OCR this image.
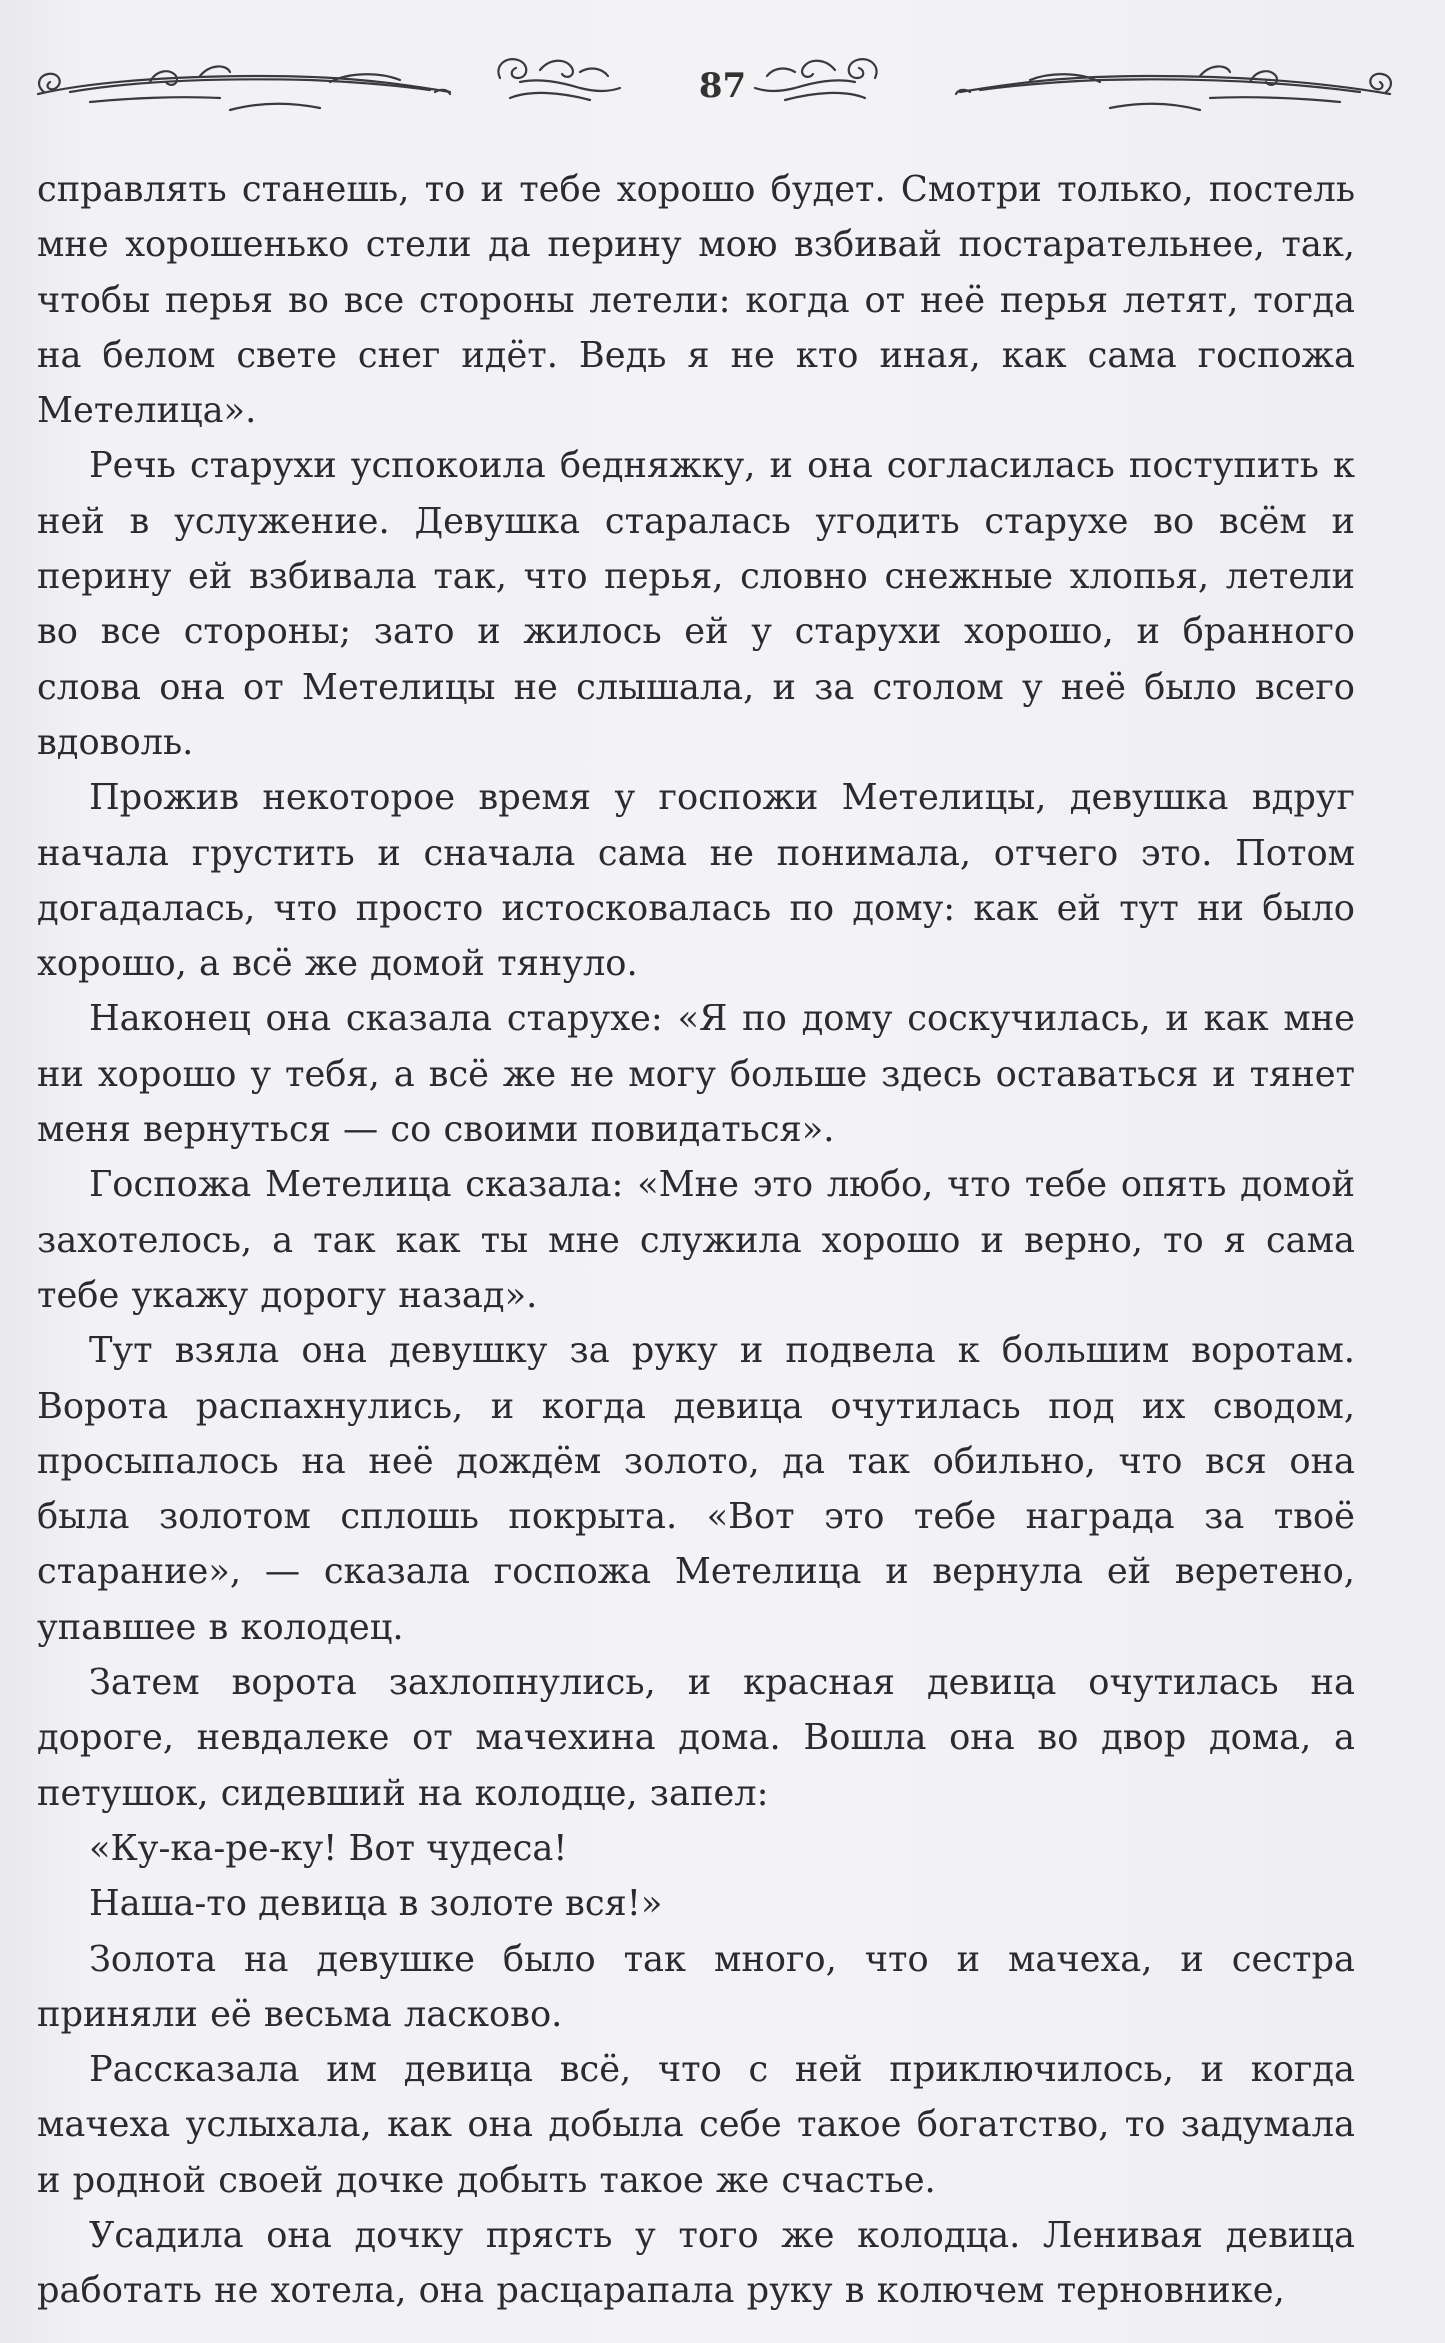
87

справлять станешь, то и тебе хорошо будет. Смотри только, постель мне хорошенько стели да перину мою взбивай постарательнее, так, чтобы перья во все стороны летели: когда от неё перья летят, тогда на белом свете снег идёт. Ведь я не кто иная, как сама госпожа Метелица».

Речь старухи успокоила бедняжку, и она согласилась поступить к ней в услужение. Девушка старалась угодить старухе во всём и перину ей взбивала так, что перья, словно снежные хлопья, летели во все стороны; зато и жилось ей у старухи хорошо, и бранного слова она от Метелицы не слышала, и за столом у неё было всего вдоволь.

Прожив некоторое время у госпожи Метелицы, девушка вдруг начала грустить и сначала сама не понимала, отчего это. Потом догадалась, что просто истосковалась по дому: как ей тут ни было хорошо, а всё же домой тянуло.

Наконец она сказала старухе: «Я по дому соскучилась, и как мне ни хорошо у тебя, а всё же не могу больше здесь оставаться и тянет меня вернуться — со своими повидаться».

Госпожа Метелица сказала: «Мне это любо, что тебе опять домой захотелось, а так как ты мне служила хорошо и верно, то я сама тебе укажу дорогу назад».

Тут взяла она девушку за руку и подвела к большим воротам. Ворота распахнулись, и когда девица очутилась под их сводом, просыпалось на неё дождём золото, да так обильно, что вся она была золотом сплошь покрыта. «Вот это тебе награда за твоё старание», — сказала госпожа Метелица и вернула ей веретено, упавшее в колодец.

Затем ворота захлопнулись, и красная девица очутилась на дороге, невдалеке от мачехина дома. Вошла она во двор дома, а петушок, сидевший на колодце, запел:

«Ку-ка-ре-ку! Вот чудеса!

Наша-то девица в золоте вся!»

Золота на девушке было так много, что и мачеха, и сестра приняли её весьма ласково.

Рассказала им девица всё, что с ней приключилось, и когда мачеха услыхала, как она добыла себе такое богатство, то задумала и родной своей дочке добыть такое же счастье.

Усадила она дочку прясть у того же колодца. Ленивая девица работать не хотела, она расцарапала руку в колючем терновнике,
